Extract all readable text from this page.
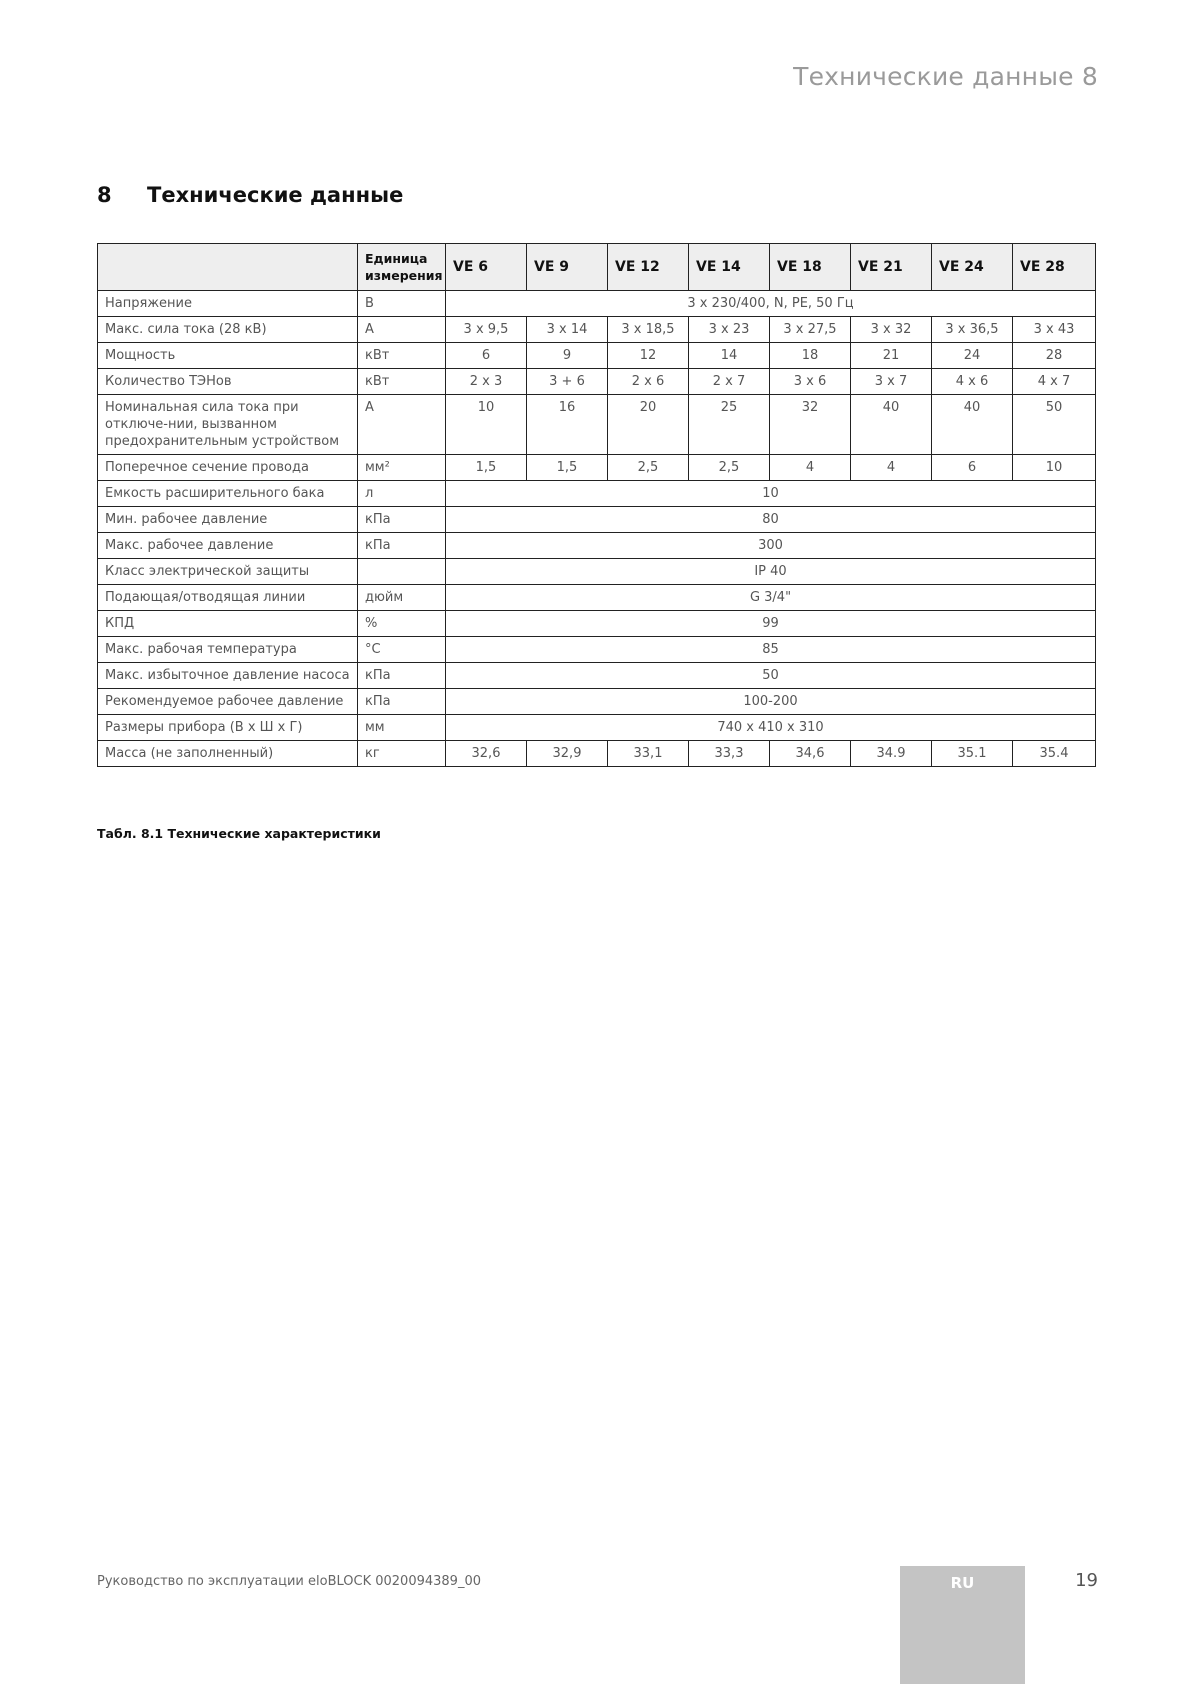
Технические данные 8
8 Технические данные
	Единица
измерения	VE 6	VE 9	VE 12	VE 14	VE 18	VE 21	VE 24	VE 28
Напряжение	В	3 x 230/400, N, PE, 50 Гц							
Макс. сила тока (28 кВ)	А	3 x 9,5	3 x 14	3 x 18,5	3 x 23	3 x 27,5	3 x 32	3 x 36,5	3 x 43
Мощность	кВт	6	9	12	14	18	21	24	28
Количество ТЭНов	кВт	2 x 3	3 + 6	2 x 6	2 x 7	3 x 6	3 x 7	4 x 6	4 x 7
Номинальная сила тока при отключе-нии, вызванном предохранительным устройством	А	10	16	20	25	32	40	40	50
Поперечное сечение провода	мм²	1,5	1,5	2,5	2,5	4	4	6	10
Емкость расширительного бака	л	10							
Мин. рабочее давление	кПа	80							
Макс. рабочее давление	кПа	300							
Класс электрической защиты		IP 40							
Подающая/отводящая линии	дюйм	G 3/4"							
КПД	%	99							
Макс. рабочая температура	°C	85							
Макс. избыточное давление насоса	кПа	50							
Рекомендуемое рабочее давление	кПа	100-200							
Размеры прибора (В x Ш x Г)	мм	740 x 410 x 310							
Масса (не заполненный)	кг	32,6	32,9	33,1	33,3	34,6	34.9	35.1	35.4
Табл. 8.1 Технические характеристики
Руководство по эксплуатации eloBLOCK 0020094389_00	RU	19
